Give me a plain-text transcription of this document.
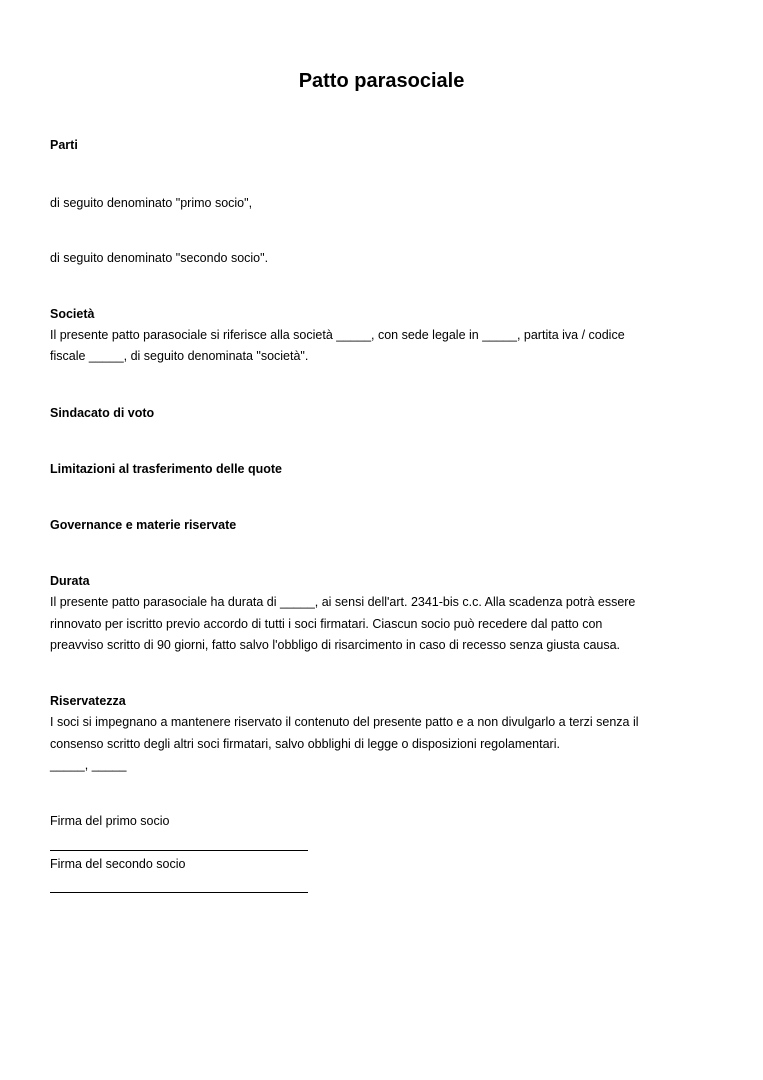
Patto parasociale
Parti
di seguito denominato "primo socio",
di seguito denominato "secondo socio".
Società
Il presente patto parasociale si riferisce alla società _____, con sede legale in _____, partita iva / codice
fiscale _____, di seguito denominata "società".
Sindacato di voto
Limitazioni al trasferimento delle quote
Governance e materie riservate
Durata
Il presente patto parasociale ha durata di _____, ai sensi dell'art. 2341-bis c.c. Alla scadenza potrà essere
rinnovato per iscritto previo accordo di tutti i soci firmatari. Ciascun socio può recedere dal patto con
preavviso scritto di 90 giorni, fatto salvo l'obbligo di risarcimento in caso di recesso senza giusta causa.
Riservatezza
I soci si impegnano a mantenere riservato il contenuto del presente patto e a non divulgarlo a terzi senza il
consenso scritto degli altri soci firmatari, salvo obblighi di legge o disposizioni regolamentari.
_____, _____
Firma del primo socio
Firma del secondo socio
